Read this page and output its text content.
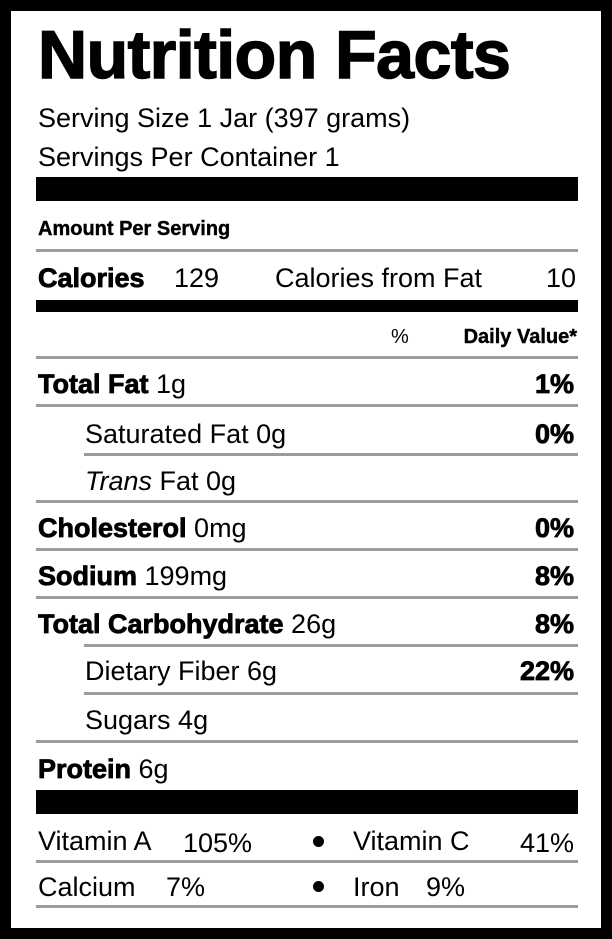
Nutrition Facts
Serving Size 1 Jar (397 grams)
Servings Per Container 1
Amount Per Serving
Calories 129 Calories from Fat	10
%	Daily Value*
Total Fat 1g	1%
Saturated Fat 0g	0%
Trans Fat 0g
Cholesterol 0mg	0%
Sodium 199mg	8%
Total Carbohydrate 26g	8%
Dietary Fiber 6g	22%
Sugars 4g
Protein 6g
Vitamin A 105%	Vitamin C	41%
Calcium 7%	Iron 9%
